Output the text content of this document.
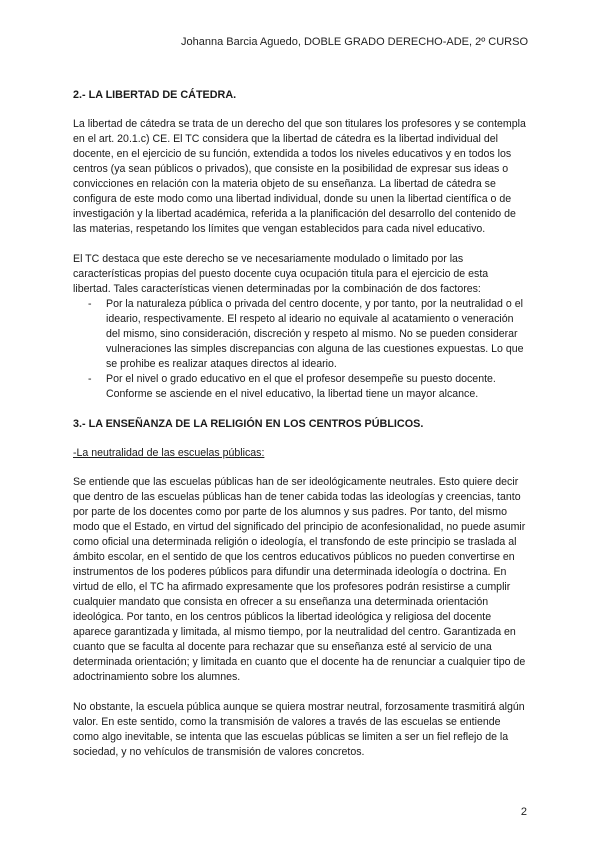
Johanna Barcia Aguedo, DOBLE GRADO DERECHO-ADE, 2º CURSO
2.- LA LIBERTAD DE CÁTEDRA.

La libertad de cátedra se trata de un derecho del que son titulares los profesores y se contempla en el art. 20.1.c) CE. El TC considera que la libertad de cátedra es la libertad individual del docente, en el ejercicio de su función, extendida a todos los niveles educativos y en todos los centros (ya sean públicos o privados), que consiste en la posibilidad de expresar sus ideas o convicciones en relación con la materia objeto de su enseñanza. La libertad de cátedra se configura de este modo como una libertad individual, donde su unen la libertad científica o de investigación y la libertad académica, referida a la planificación del desarrollo del contenido de las materias, respetando los límites que vengan establecidos para cada nivel educativo.

El TC destaca que este derecho se ve necesariamente modulado o limitado por las características propias del puesto docente cuya ocupación titula para el ejercicio de esta libertad. Tales características vienen determinadas por la combinación de dos factores:

- Por la naturaleza pública o privada del centro docente, y por tanto, por la neutralidad o el ideario, respectivamente. El respeto al ideario no equivale al acatamiento o veneración del mismo, sino consideración, discreción y respeto al mismo. No se pueden considerar vulneraciones las simples discrepancias con alguna de las cuestiones expuestas. Lo que se prohibe es realizar ataques directos al ideario.
- Por el nivel o grado educativo en el que el profesor desempeñe su puesto docente. Conforme se asciende en el nivel educativo, la libertad tiene un mayor alcance.
3.- LA ENSEÑANZA DE LA RELIGIÓN EN LOS CENTROS PÚBLICOS.
-La neutralidad de las escuelas públicas:

Se entiende que las escuelas públicas han de ser ideológicamente neutrales. Esto quiere decir que dentro de las escuelas públicas han de tener cabida todas las ideologías y creencias, tanto por parte de los docentes como por parte de los alumnos y sus padres. Por tanto, del mismo modo que el Estado, en virtud del significado del principio de aconfesionalidad, no puede asumir como oficial una determinada religión o ideología, el transfondo de este principio se traslada al ámbito escolar, en el sentido de que los centros educativos públicos no pueden convertirse en instrumentos de los poderes públicos para difundir una determinada ideología o doctrina. En virtud de ello, el TC ha afirmado expresamente que los profesores podrán resistirse a cumplir cualquier mandato que consista en ofrecer a su enseñanza una determinada orientación ideológica. Por tanto, en los centros públicos la libertad ideológica y religiosa del docente aparece garantizada y limitada, al mismo tiempo, por la neutralidad del centro. Garantizada en cuanto que se faculta al docente para rechazar que su enseñanza esté al servicio de una determinada orientación; y limitada en cuanto que el docente ha de renunciar a cualquier tipo de adoctrinamiento sobre los alumnes.

No obstante, la escuela pública aunque se quiera mostrar neutral, forzosamente trasmitirá algún valor. En este sentido, como la transmisión de valores a través de las escuelas se entiende como algo inevitable, se intenta que las escuelas públicas se limiten a ser un fiel reflejo de la sociedad, y no vehículos de transmisión de valores concretos.

2
